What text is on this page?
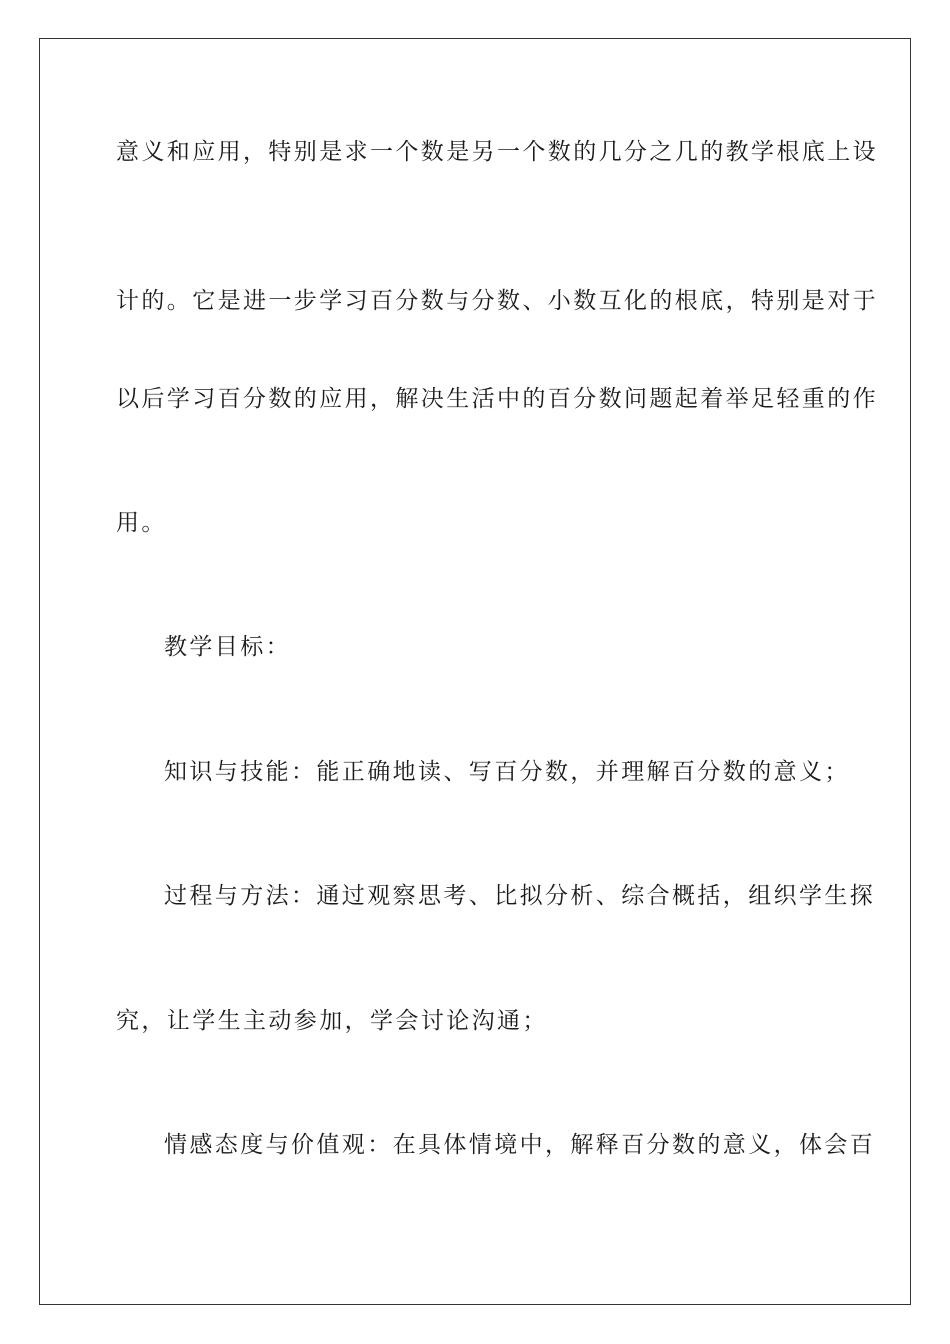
意义和应用，特别是求一个数是另一个数的几分之几的教学根底上设
计的。它是进一步学习百分数与分数、小数互化的根底，特别是对于
以后学习百分数的应用，解决生活中的百分数问题起着举足轻重的作
用。
教学目标：
知识与技能：能正确地读、写百分数，并理解百分数的意义；
过程与方法：通过观察思考、比拟分析、综合概括，组织学生探
究，让学生主动参加，学会讨论沟通；
情感态度与价值观：在具体情境中，解释百分数的意义，体会百
